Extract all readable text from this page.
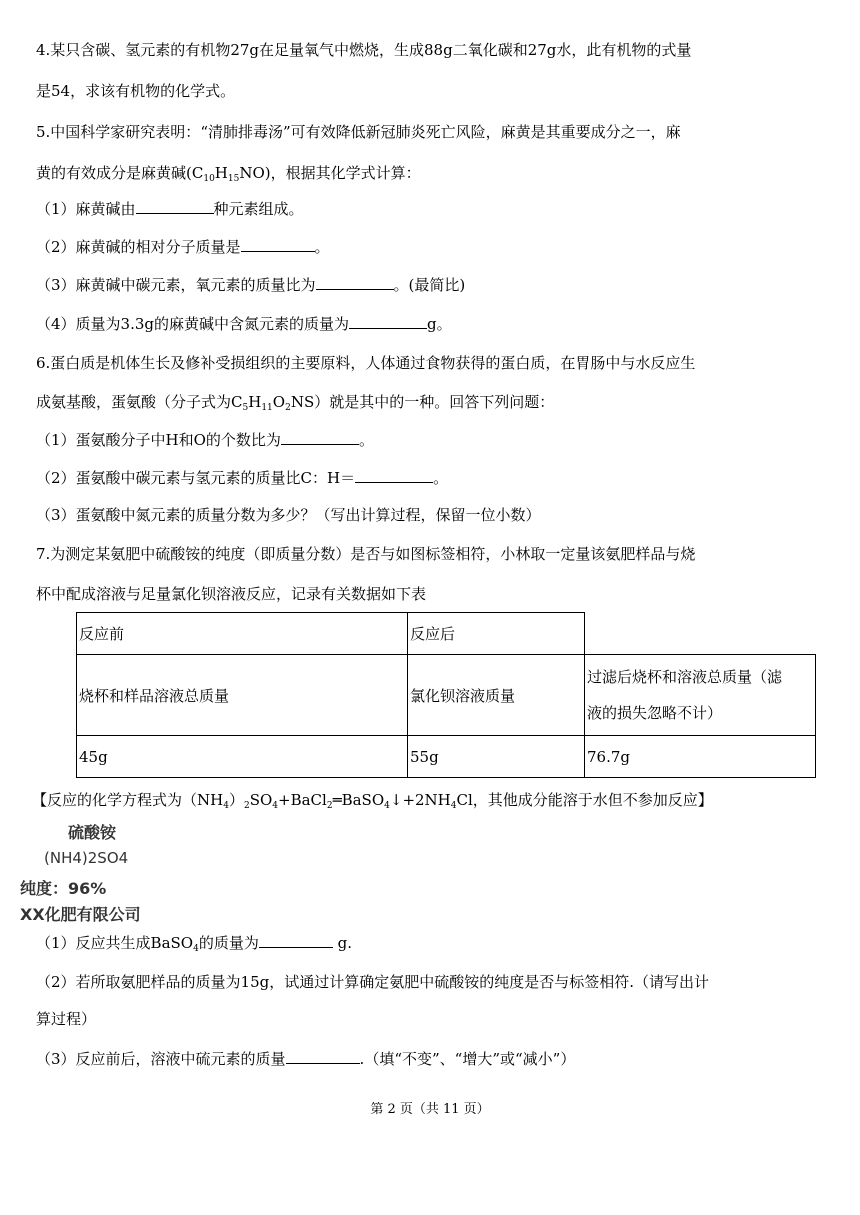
4.某只含碳、氢元素的有机物27g在足量氧气中燃烧，生成88g二氧化碳和27g水，此有机物的式量
是54，求该有机物的化学式。
5.中国科学家研究表明：“清肺排毒汤”可有效降低新冠肺炎死亡风险，麻黄是其重要成分之一，麻
黄的有效成分是麻黄碱$(C_{10}H_{15}NO)$，根据其化学式计算：
（1）麻黄碱由	种元素组成。
（2）麻黄碱的相对分子质量是	。
（3）麻黄碱中碳元素，氧元素的质量比为	。(最简比)
（4）质量为3.3g的麻黄碱中含氮元素的质量为	g。
6.蛋白质是机体生长及修补受损组织的主要原料，人体通过食物获得的蛋白质，在胃肠中与水反应生
成氨基酸，蛋氨酸（分子式为$C_5H_{11}O_2NS$）就是其中的一种。回答下列问题：
（1）蛋氨酸分子中H和O的个数比为	。
（2）蛋氨酸中碳元素与氢元素的质量比C：H＝	。
（3）蛋氨酸中氮元素的质量分数为多少？（写出计算过程，保留一位小数）
7.为测定某氨肥中硫酸铵的纯度（即质量分数）是否与如图标签相符，小林取一定量该氨肥样品与烧
杯中配成溶液与足量氯化钡溶液反应，记录有关数据如下表
反应前	反应后	
烧杯和样品溶液总质量	氯化钡溶液质量	过滤后烧杯和溶液总质量（滤
液的损失忽略不计）
45g	55g	76.7g
【反应的化学方程式为$(NH_4)_2SO_4+BaCl_2═BaSO_4↓+2NH_4Cl$，其他成分能溶于水但不参加反应】
硫酸铵
(NH4)2SO4
纯度：96%
XX化肥有限公司
（1）反应共生成BaSO$_4$的质量为	g.
（2）若所取氨肥样品的质量为15g，试通过计算确定氨肥中硫酸铵的纯度是否与标签相符.（请写出计
算过程）
（3）反应前后，溶液中硫元素的质量	.（填“不变”、“增大”或“减小”）
第 2 页（共 11 页）
